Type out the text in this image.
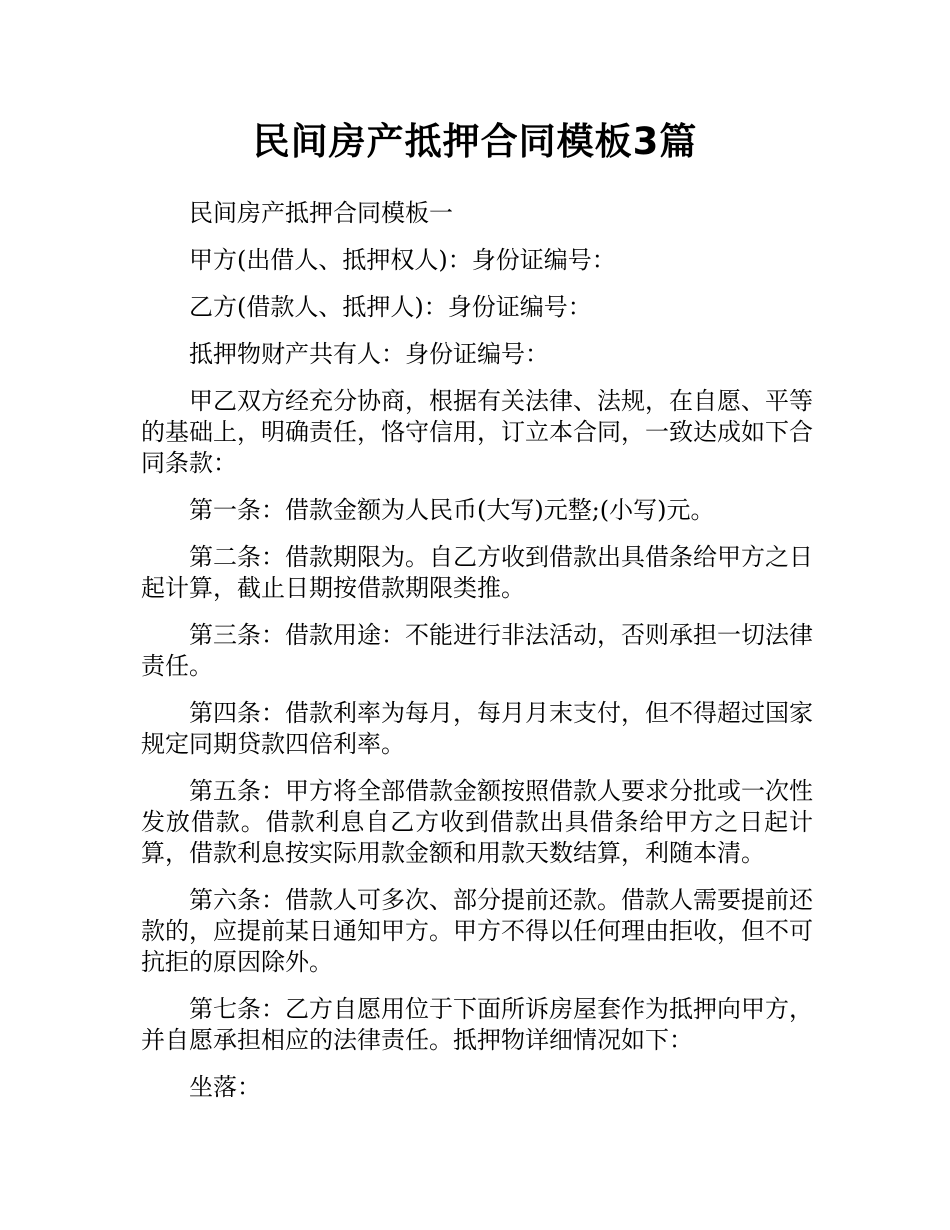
民间房产抵押合同模板3篇

民间房产抵押合同模板一

甲方(出借人、抵押权人)：身份证编号：

乙方(借款人、抵押人)：身份证编号：

抵押物财产共有人：身份证编号：

甲乙双方经充分协商，根据有关法律、法规，在自愿、平等的基础上，明确责任，恪守信用，订立本合同，一致达成如下合同条款：

第一条：借款金额为人民币(大写)元整;(小写)元。

第二条：借款期限为。自乙方收到借款出具借条给甲方之日起计算，截止日期按借款期限类推。

第三条：借款用途：不能进行非法活动，否则承担一切法律责任。

第四条：借款利率为每月，每月月末支付，但不得超过国家规定同期贷款四倍利率。

第五条：甲方将全部借款金额按照借款人要求分批或一次性发放借款。借款利息自乙方收到借款出具借条给甲方之日起计算，借款利息按实际用款金额和用款天数结算，利随本清。

第六条：借款人可多次、部分提前还款。借款人需要提前还款的，应提前某日通知甲方。甲方不得以任何理由拒收，但不可抗拒的原因除外。

第七条：乙方自愿用位于下面所诉房屋套作为抵押向甲方，并自愿承担相应的法律责任。抵押物详细情况如下：

坐落：
